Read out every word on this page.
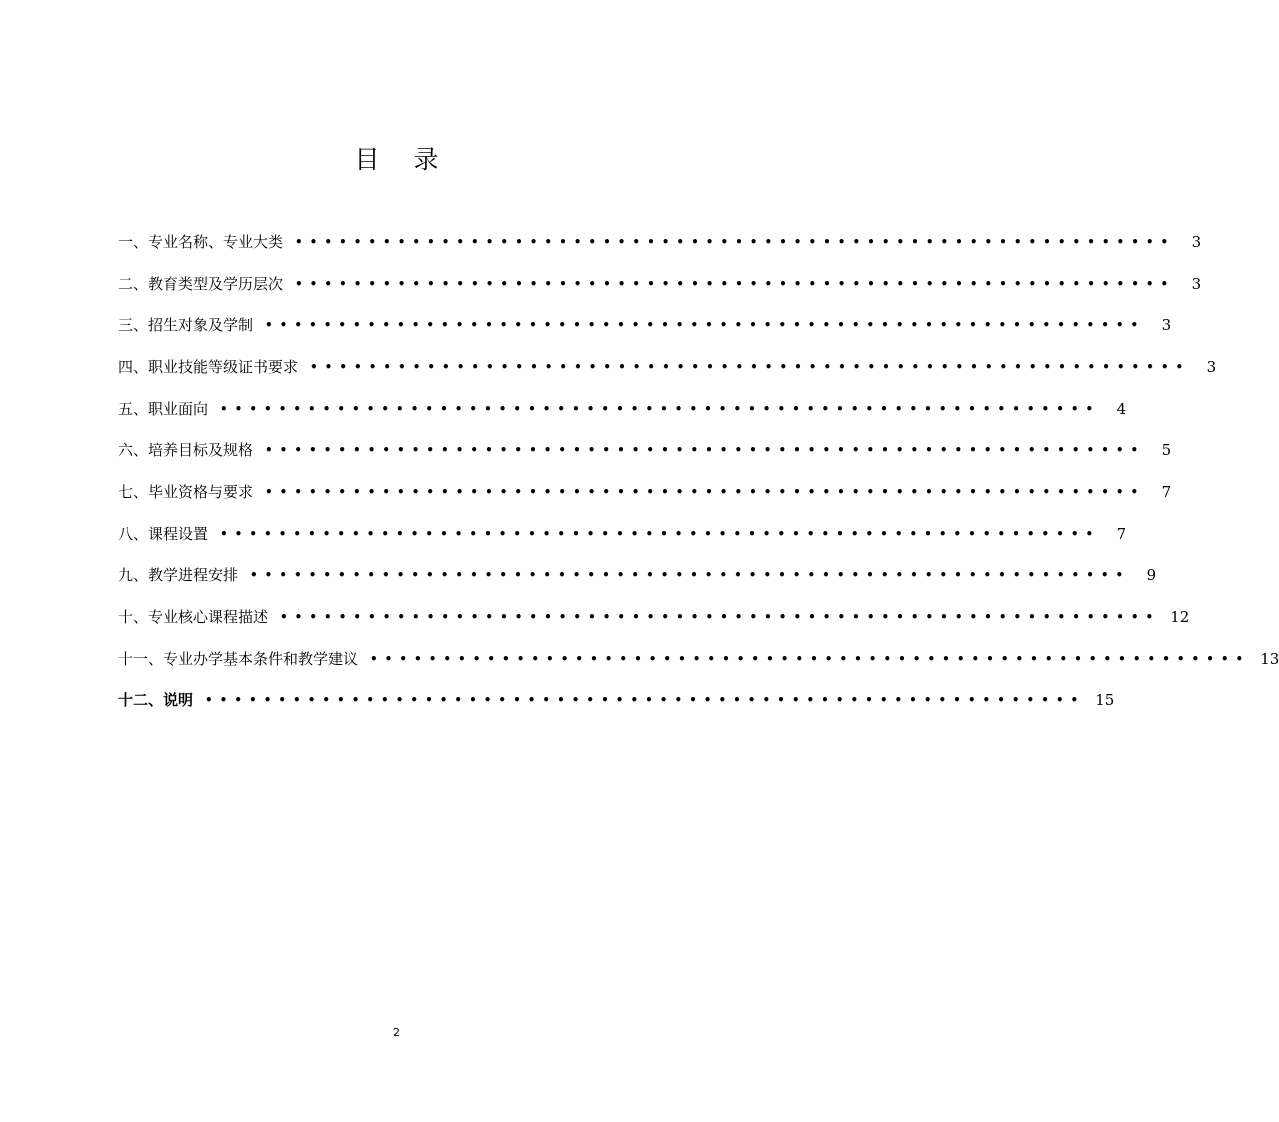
目 录
一、专业名称、专业大类 ••••••••••••••••••••••••••••••••••••••••••••••••••••••••••••	3
二、教育类型及学历层次 ••••••••••••••••••••••••••••••••••••••••••••••••••••••••••••	3
三、招生对象及学制 ••••••••••••••••••••••••••••••••••••••••••••••••••••••••••••	3
四、职业技能等级证书要求 ••••••••••••••••••••••••••••••••••••••••••••••••••••••••••••	3
五、职业面向 ••••••••••••••••••••••••••••••••••••••••••••••••••••••••••••	4
六、培养目标及规格 ••••••••••••••••••••••••••••••••••••••••••••••••••••••••••••	5
七、毕业资格与要求 ••••••••••••••••••••••••••••••••••••••••••••••••••••••••••••	7
八、课程设置 ••••••••••••••••••••••••••••••••••••••••••••••••••••••••••••	7
九、教学进程安排 ••••••••••••••••••••••••••••••••••••••••••••••••••••••••••••	9
十、专业核心课程描述 •••••••••••••••••••••••••••••••••••••••••••••••••••••••••••• 12
十一、专业办学基本条件和教学建议 •••••••••••••••••••••••••••••••••••••••••••••••••••••••••••• 13
十二、说明 •••••••••••••••••••••••••••••••••••••••••••••••••••••••••••• 15
2
